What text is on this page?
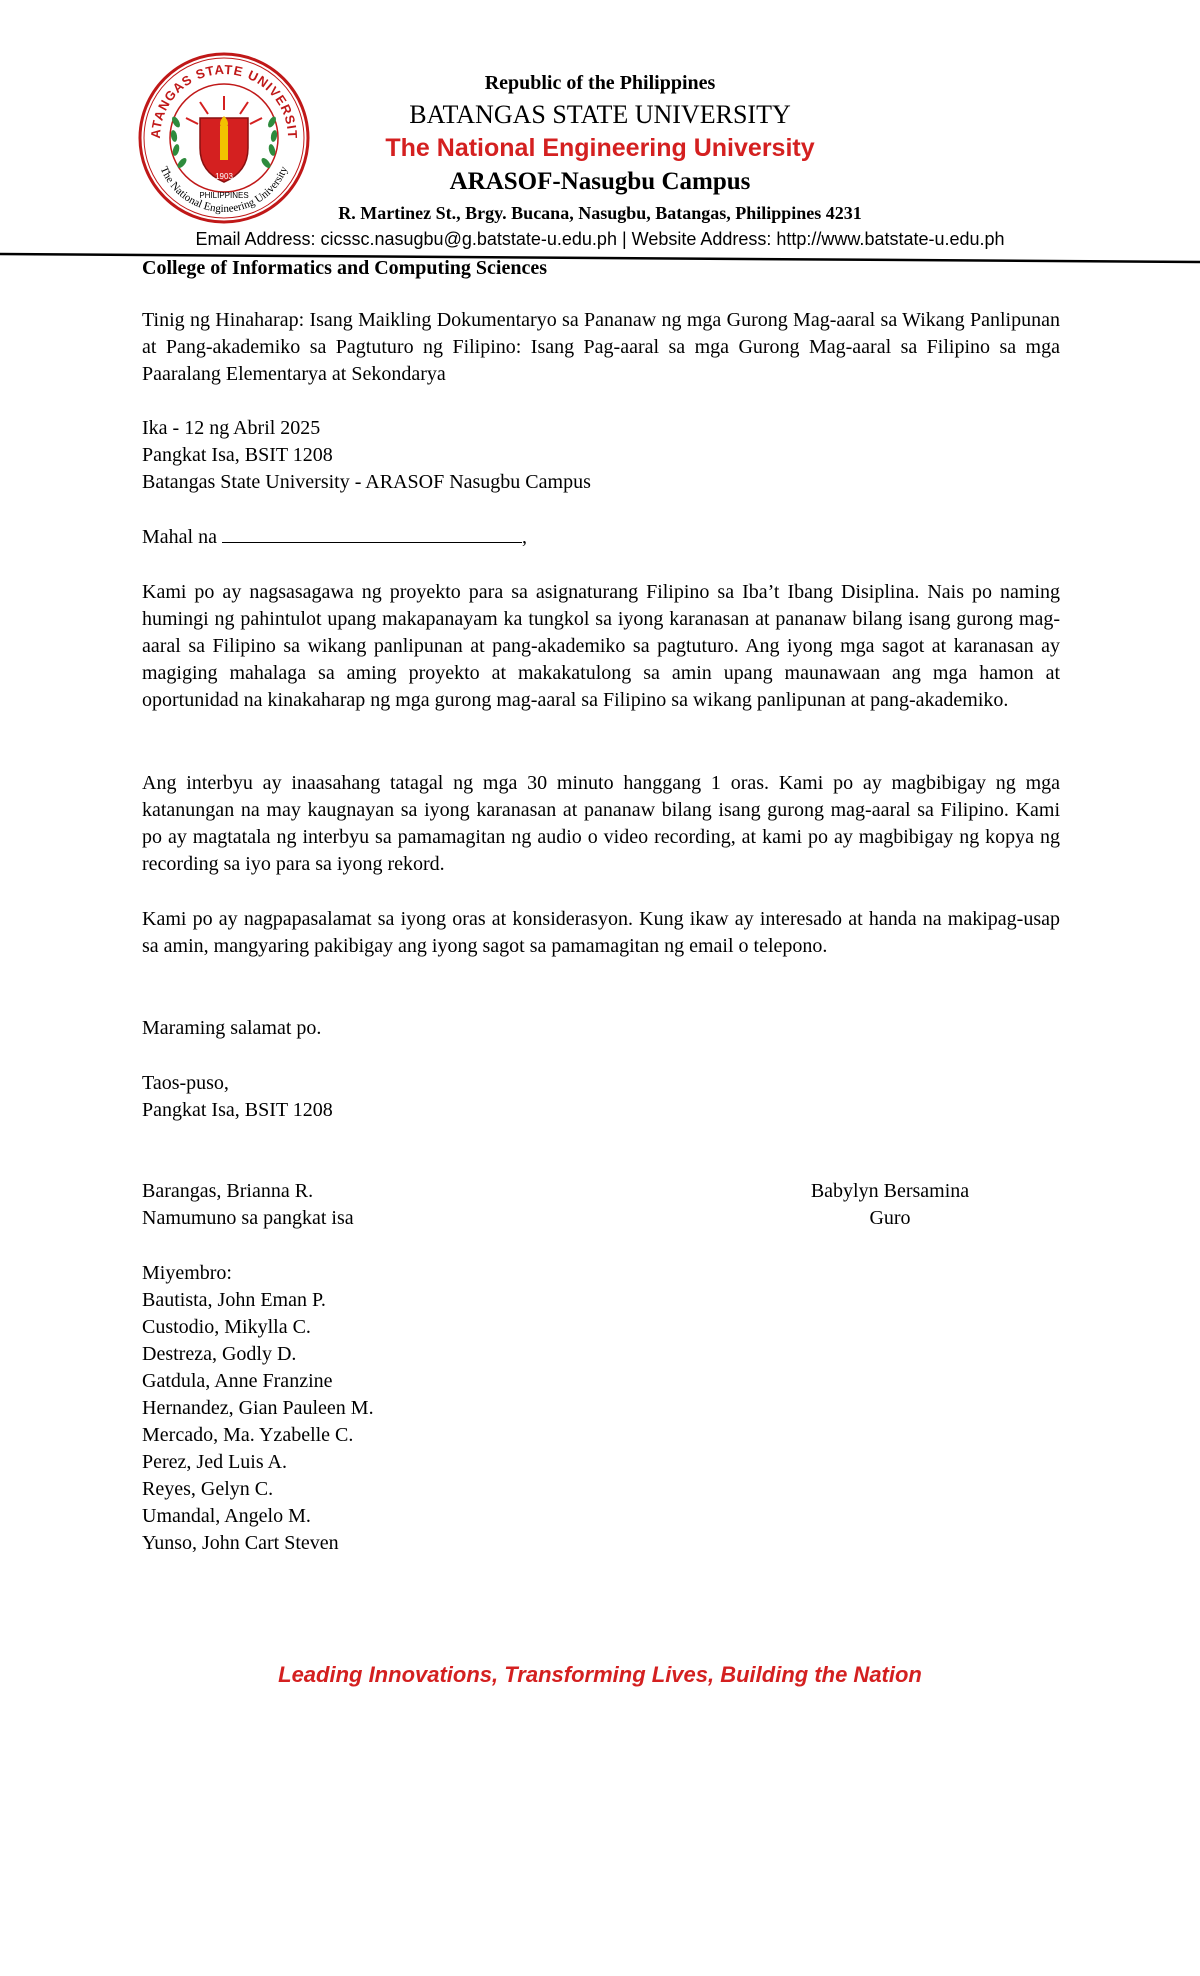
ATANGAS STATE UNIVERSIT
The National Engineering University
1903
PHILIPPINES
Republic of the Philippines
BATANGAS STATE UNIVERSITY
The National Engineering University
ARASOF-Nasugbu Campus
R. Martinez St., Brgy. Bucana, Nasugbu, Batangas, Philippines 4231
Email Address: cicssc.nasugbu@g.batstate-u.edu.ph | Website Address: http://www.batstate-u.edu.ph
College of Informatics and Computing Sciences
Tinig ng Hinaharap: Isang Maikling Dokumentaryo sa Pananaw ng mga Gurong Mag-aaral sa Wikang Panlipunan at Pang-akademiko sa Pagtuturo ng Filipino: Isang Pag-aaral sa mga Gurong Mag-aaral sa Filipino sa mga Paaralang Elementarya at Sekondarya
Ika - 12 ng Abril 2025
Pangkat Isa, BSIT 1208
Batangas State University - ARASOF Nasugbu Campus
Mahal na	,
Kami po ay nagsasagawa ng proyekto para sa asignaturang Filipino sa Iba’t Ibang Disiplina. Nais po naming humingi ng pahintulot upang makapanayam ka tungkol sa iyong karanasan at pananaw bilang isang gurong mag-aaral sa Filipino sa wikang panlipunan at pang-akademiko sa pagtuturo. Ang iyong mga sagot at karanasan ay magiging mahalaga sa aming proyekto at makakatulong sa amin upang maunawaan ang mga hamon at oportunidad na kinakaharap ng mga gurong mag-aaral sa Filipino sa wikang panlipunan at pang-akademiko.
Ang interbyu ay inaasahang tatagal ng mga 30 minuto hanggang 1 oras. Kami po ay magbibigay ng mga katanungan na may kaugnayan sa iyong karanasan at pananaw bilang isang gurong mag-aaral sa Filipino. Kami po ay magtatala ng interbyu sa pamamagitan ng audio o video recording, at kami po ay magbibigay ng kopya ng recording sa iyo para sa iyong rekord.
Kami po ay nagpapasalamat sa iyong oras at konsiderasyon. Kung ikaw ay interesado at handa na makipag-usap sa amin, mangyaring pakibigay ang iyong sagot sa pamamagitan ng email o telepono.
Maraming salamat po.
Taos-puso,
Pangkat Isa, BSIT 1208
Barangas, Brianna R.
Namumuno sa pangkat isa
Babylyn Bersamina
Guro
Miyembro:
Bautista, John Eman P.
Custodio, Mikylla C.
Destreza, Godly D.
Gatdula, Anne Franzine
Hernandez, Gian Pauleen M.
Mercado, Ma. Yzabelle C.
Perez, Jed Luis A.
Reyes, Gelyn C.
Umandal, Angelo M.
Yunso, John Cart Steven
Leading Innovations, Transforming Lives, Building the Nation
